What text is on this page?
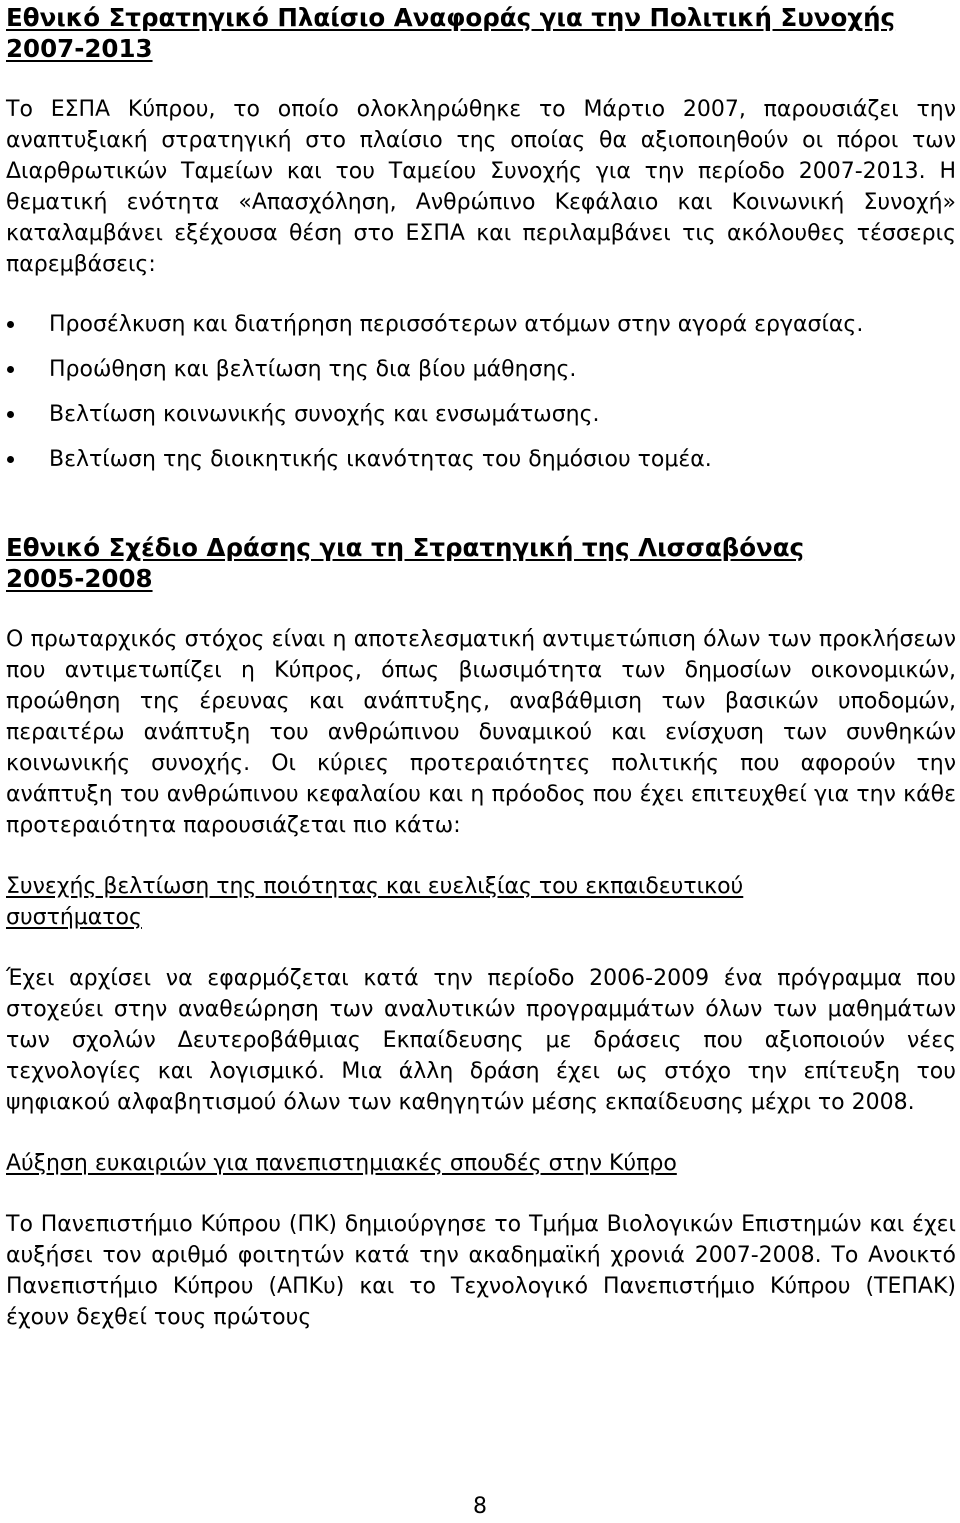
Εθνικό Στρατηγικό Πλαίσιο Αναφοράς για την Πολιτική Συνοχής
2007-2013

Το ΕΣΠΑ Κύπρου, το οποίο ολοκληρώθηκε το Μάρτιο 2007, παρουσιάζει την αναπτυξιακή στρατηγική στο πλαίσιο της οποίας θα αξιοποιηθούν οι πόροι των Διαρθρωτικών Ταμείων και του Ταμείου Συνοχής για την περίοδο 2007-2013. Η θεματική ενότητα «Απασχόληση, Ανθρώπινο Κεφάλαιο και Κοινωνική Συνοχή» καταλαμβάνει εξέχουσα θέση στο ΕΣΠΑ και περιλαμβάνει τις ακόλουθες τέσσερις παρεμβάσεις:

Προσέλκυση και διατήρηση περισσότερων ατόμων στην αγορά εργασίας.
Προώθηση και βελτίωση της δια βίου μάθησης.
Βελτίωση κοινωνικής συνοχής και ενσωμάτωσης.
Βελτίωση της διοικητικής ικανότητας του δημόσιου τομέα.
Εθνικό Σχέδιο Δράσης για τη Στρατηγική της Λισσαβόνας
2005-2008

Ο πρωταρχικός στόχος είναι η αποτελεσματική αντιμετώπιση όλων των προκλήσεων που αντιμετωπίζει η Κύπρος, όπως βιωσιμότητα των δημοσίων οικονομικών, προώθηση της έρευνας και ανάπτυξης, αναβάθμιση των βασικών υποδομών, περαιτέρω ανάπτυξη του ανθρώπινου δυναμικού και ενίσχυση των συνθηκών κοινωνικής συνοχής. Οι κύριες προτεραιότητες πολιτικής που αφορούν την ανάπτυξη του ανθρώπινου κεφαλαίου και η πρόοδος που έχει επιτευχθεί για την κάθε προτεραιότητα παρουσιάζεται πιο κάτω:

Συνεχής βελτίωση της ποιότητας και ευελιξίας του εκπαιδευτικού
συστήματος

Έχει αρχίσει να εφαρμόζεται κατά την περίοδο 2006-2009 ένα πρόγραμμα που στοχεύει στην αναθεώρηση των αναλυτικών προγραμμάτων όλων των μαθημάτων των σχολών Δευτεροβάθμιας Εκπαίδευσης με δράσεις που αξιοποιούν νέες τεχνολογίες και λογισμικό. Μια άλλη δράση έχει ως στόχο την επίτευξη του ψηφιακού αλφαβητισμού όλων των καθηγητών μέσης εκπαίδευσης μέχρι το 2008.

Αύξηση ευκαιριών για πανεπιστημιακές σπουδές στην Κύπρο

Το Πανεπιστήμιο Κύπρου (ΠΚ) δημιούργησε το Τμήμα Βιολογικών Επιστημών και έχει αυξήσει τον αριθμό φοιτητών κατά την ακαδημαϊκή χρονιά 2007-2008. Το Ανοικτό Πανεπιστήμιο Κύπρου (ΑΠΚυ) και το Τεχνολογικό Πανεπιστήμιο Κύπρου (ΤΕΠΑΚ) έχουν δεχθεί τους πρώτους

8
